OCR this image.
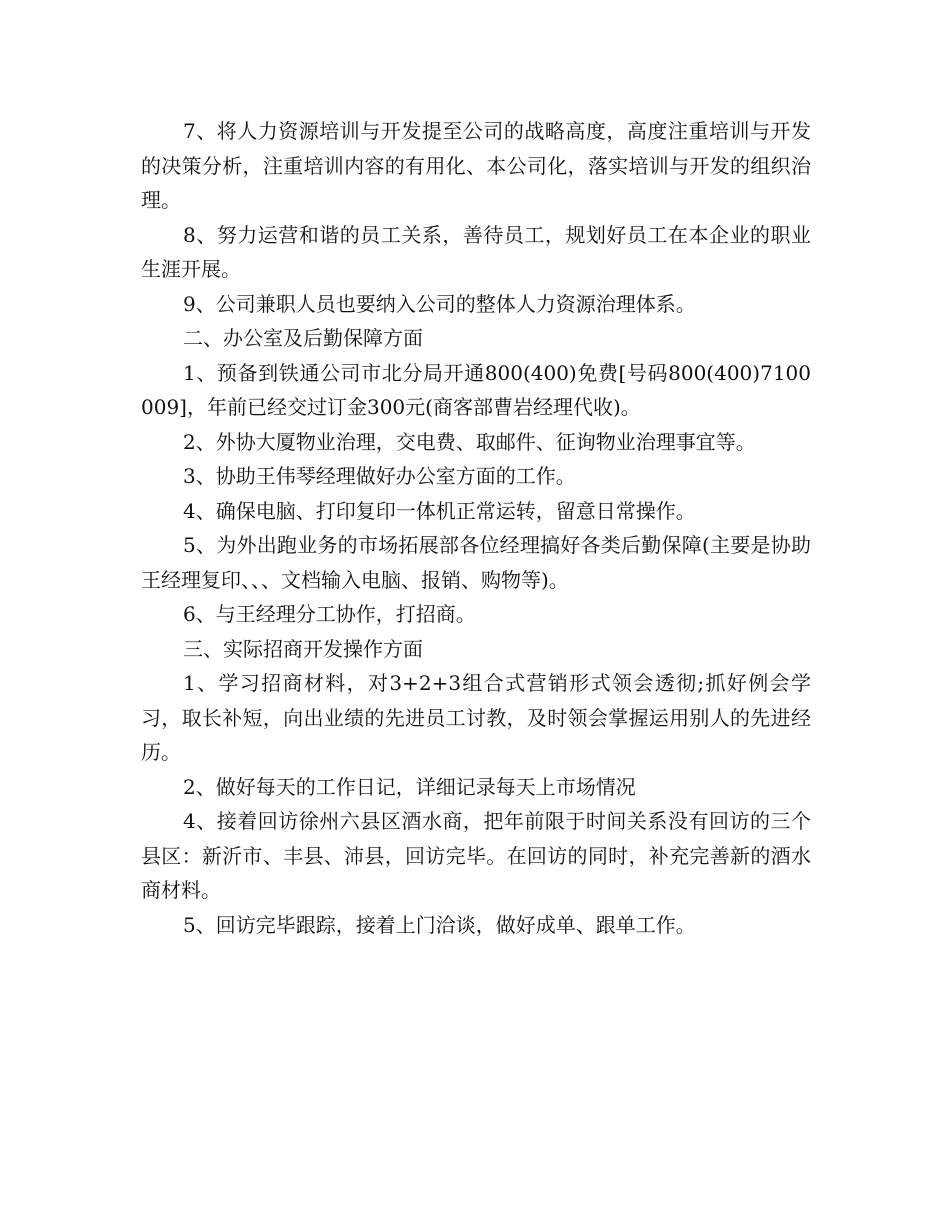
7、将人力资源培训与开发提至公司的战略高度，高度注重培训与开发的决策分析，注重培训内容的有用化、本公司化，落实培训与开发的组织治理。

8、努力运营和谐的员工关系，善待员工，规划好员工在本企业的职业生涯开展。

9、公司兼职人员也要纳入公司的整体人力资源治理体系。

二、办公室及后勤保障方面

1、预备到铁通公司市北分局开通800(400)免费[号码800(400)7100009]，年前已经交过订金300元(商客部曹岩经理代收)。

2、外协大厦物业治理，交电费、取邮件、征询物业治理事宜等。

3、协助王伟琴经理做好办公室方面的工作。

4、确保电脑、打印复印一体机正常运转，留意日常操作。

5、为外出跑业务的市场拓展部各位经理搞好各类后勤保障(主要是协助王经理复印、、、文档输入电脑、报销、购物等)。

6、与王经理分工协作，打招商。

三、实际招商开发操作方面

1、学习招商材料，对3+2+3组合式营销形式领会透彻;抓好例会学习，取长补短，向出业绩的先进员工讨教，及时领会掌握运用别人的先进经历。

2、做好每天的工作日记，详细记录每天上市场情况

4、接着回访徐州六县区酒水商，把年前限于时间关系没有回访的三个县区：新沂市、丰县、沛县，回访完毕。在回访的同时，补充完善新的酒水商材料。

5、回访完毕跟踪，接着上门洽谈，做好成单、跟单工作。
